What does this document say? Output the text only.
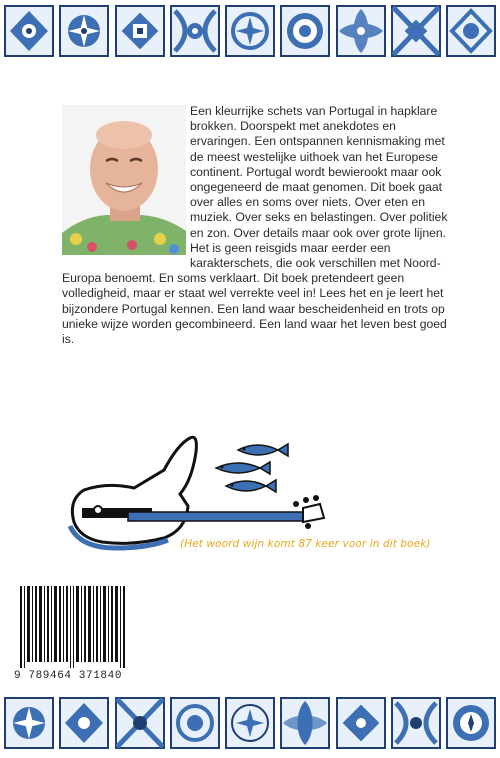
Een kleurrijke schets van Portugal in hapklare brokken. Doorspekt met anekdotes en ervaringen. Een ontspannen kennismaking met de meest westelijke uithoek van het Europese continent. Portugal wordt bewierookt maar ook ongegeneerd de maat genomen. Dit boek gaat over alles en soms over niets. Over eten en muziek. Over seks en belastingen. Over politiek en zon. Over details maar ook over grote lijnen. Het is geen reisgids maar eerder een karakterschets, die ook verschillen met Noord-Europa benoemt. En soms verklaart. Dit boek pretendeert geen volledigheid, maar er staat wel verrekte veel in! Lees het en je leert het bijzondere Portugal kennen. Een land waar bescheidenheid en trots op unieke wijze worden gecombineerd. Een land waar het leven best goed is.

(Het woord wijn komt 87 keer voor in dit boek)

9 789464 371840
